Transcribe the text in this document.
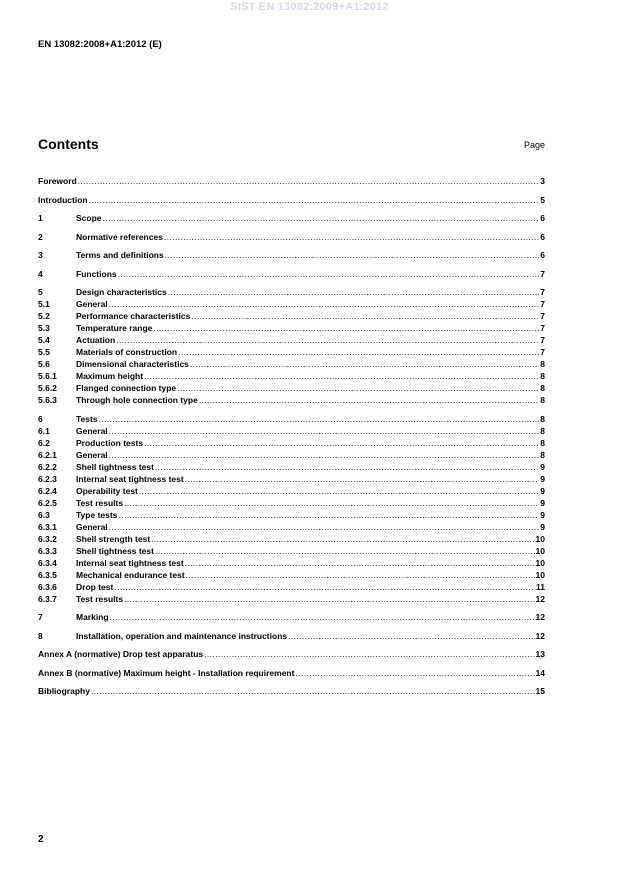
SIST EN 13082:2009+A1:2012
EN 13082:2008+A1:2012 (E)
Contents	Page
Foreword .....	3
Introduction .....	5
1	Scope .....	6
2	Normative references .....	6
3	Terms and definitions .....	6
4	Functions .....	7
5	Design characteristics .....	7
5.1	General .....	7
5.2	Performance characteristics .....	7
5.3	Temperature range .....	7
5.4	Actuation .....	7
5.5	Materials of construction .....	7
5.6	Dimensional characteristics .....	8
5.6.1	Maximum height .....	8
5.6.2	Flanged connection type .....	8
5.6.3	Through hole connection type .....	8
6	Tests .....	8
6.1	General .....	8
6.2	Production tests .....	8
6.2.1	General .....	8
6.2.2	Shell tightness test .....	9
6.2.3	Internal seat tightness test .....	9
6.2.4	Operability test .....	9
6.2.5	Test results .....	9
6.3	Type tests .....	9
6.3.1	General .....	9
6.3.2	Shell strength test .....	10
6.3.3	Shell tightness test .....	10
6.3.4	Internal seat tightness test .....	10
6.3.5	Mechanical endurance test .....	10
6.3.6	Drop test .....	11
6.3.7	Test results .....	12
7	Marking .....	12
8	Installation, operation and maintenance instructions .....	12
Annex A (normative) Drop test apparatus .....	13
Annex B (normative) Maximum height - Installation requirement .....	14
Bibliography .....	15
2
